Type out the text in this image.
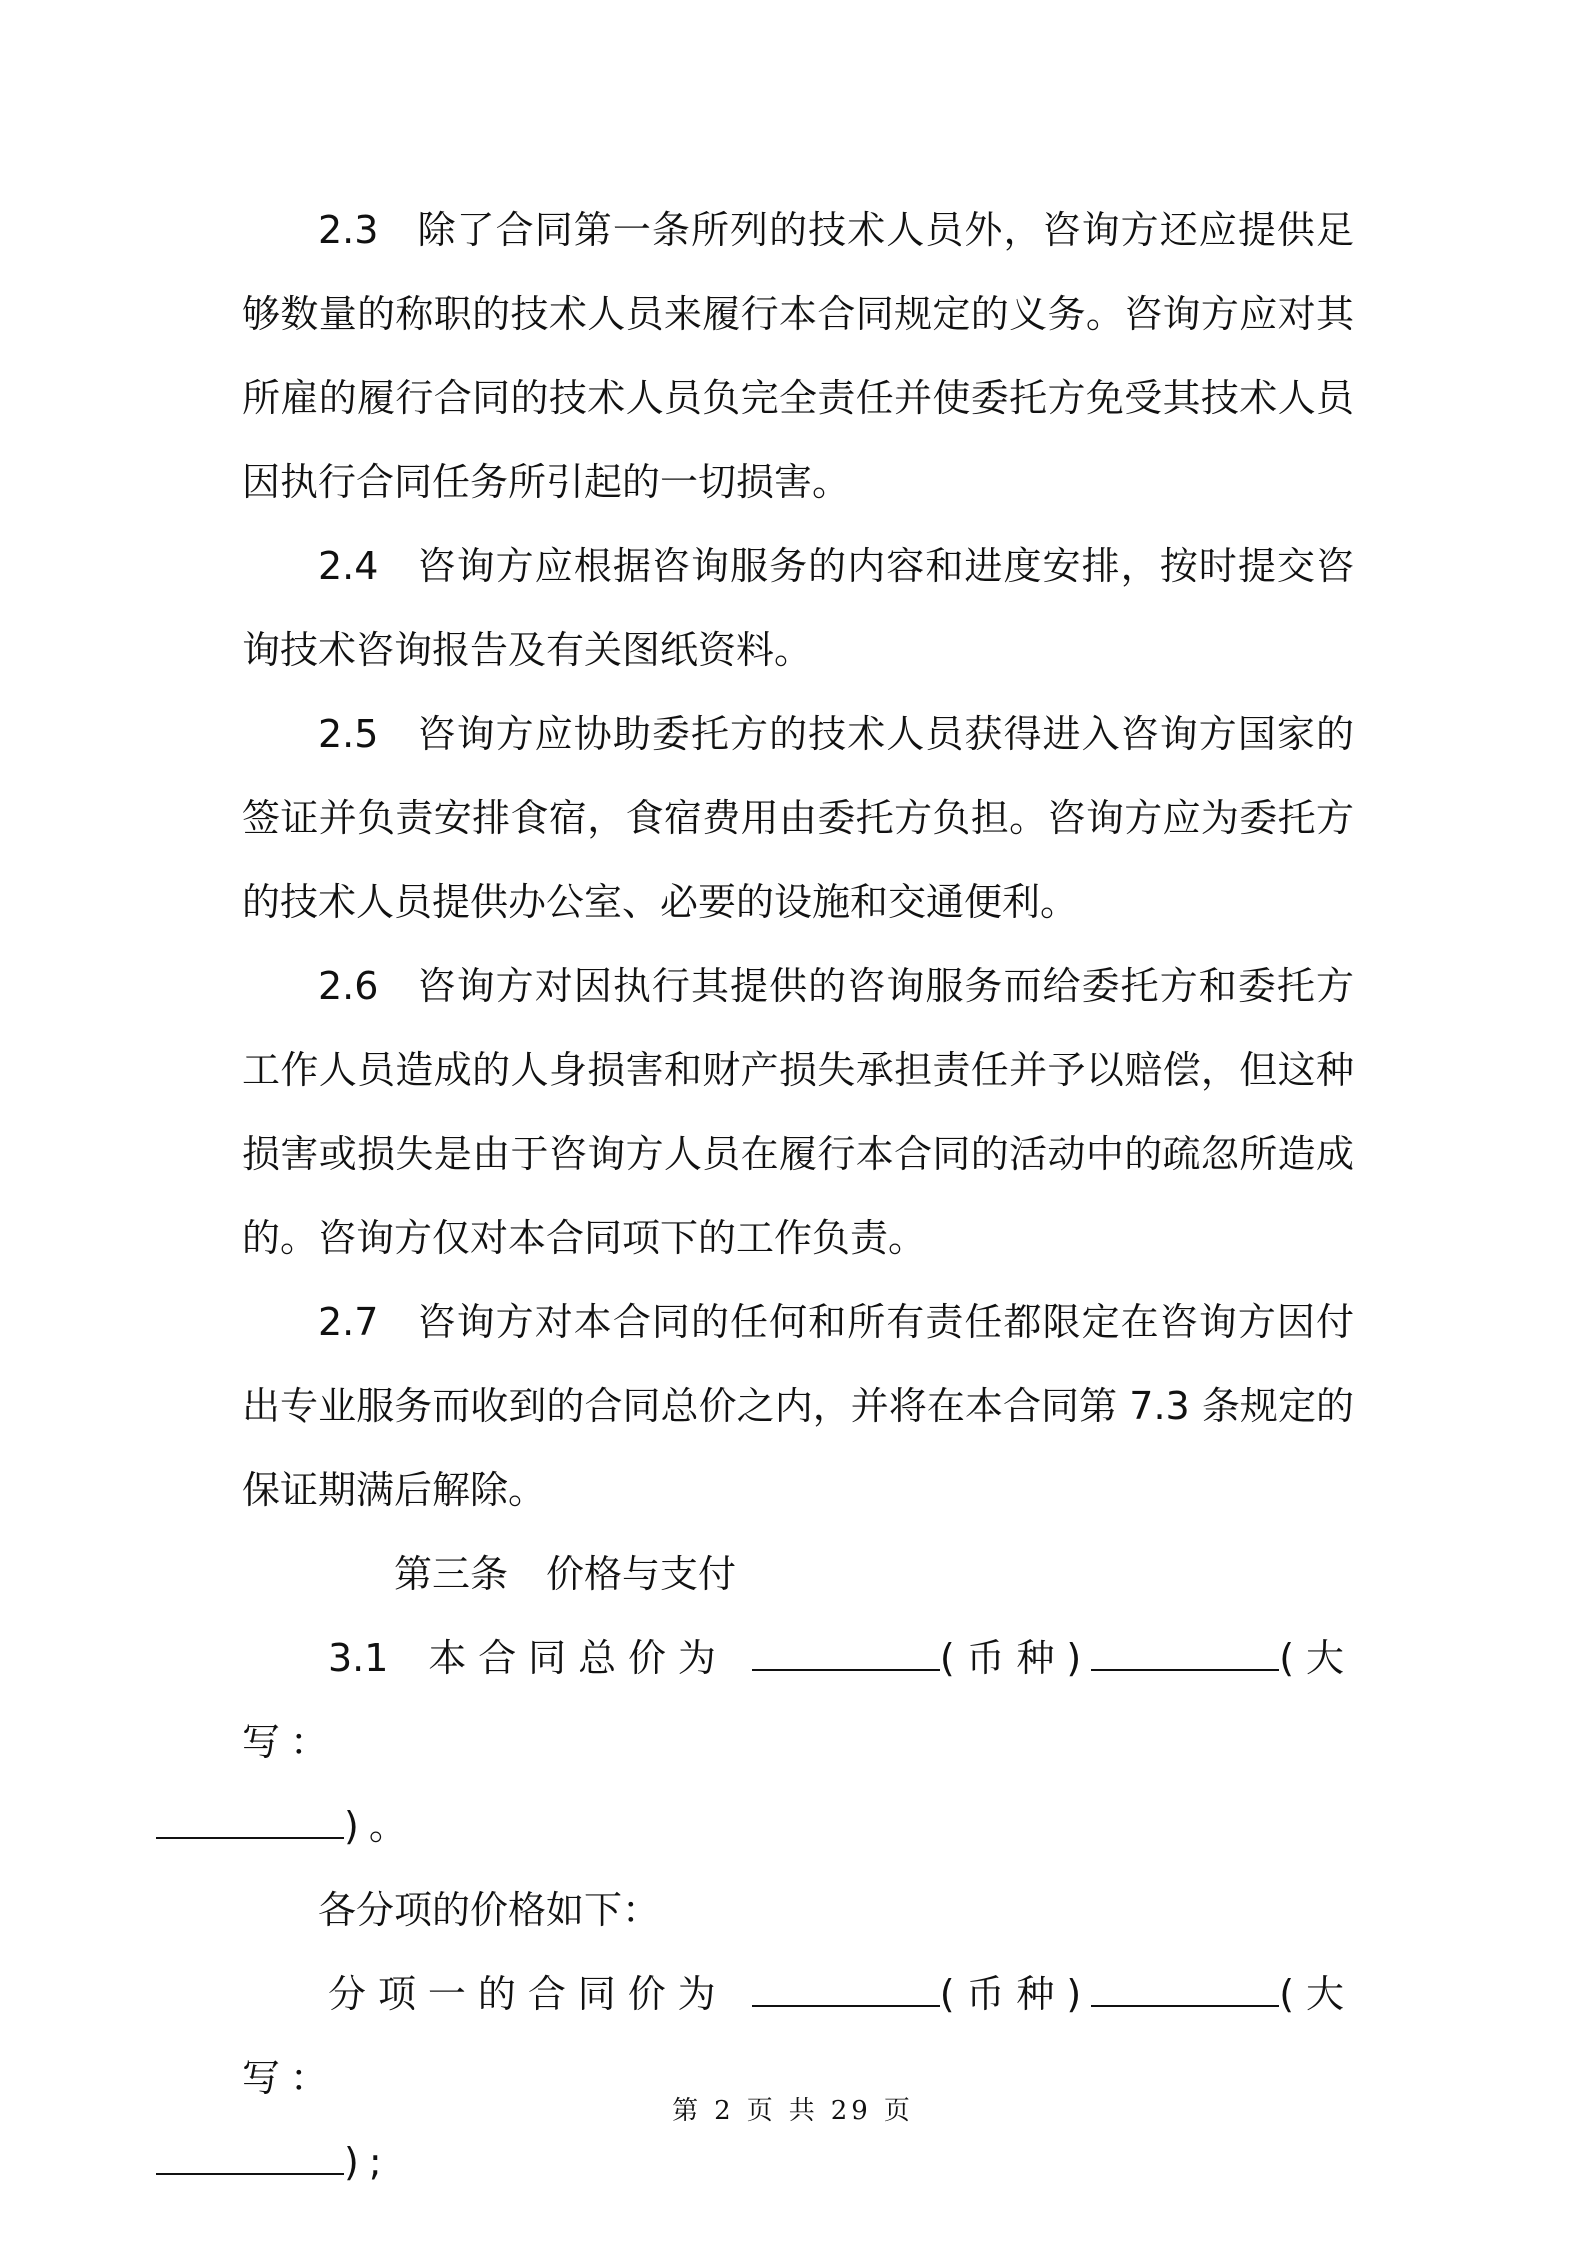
2.3 除了合同第一条所列的技术人员外，咨询方还应提供足够数量的称职的技术人员来履行本合同规定的义务。咨询方应对其所雇的履行合同的技术人员负完全责任并使委托方免受其技术人员因执行合同任务所引起的一切损害。

2.4 咨询方应根据咨询服务的内容和进度安排，按时提交咨询技术咨询报告及有关图纸资料。

2.5 咨询方应协助委托方的技术人员获得进入咨询方国家的签证并负责安排食宿，食宿费用由委托方负担。咨询方应为委托方的技术人员提供办公室、必要的设施和交通便利。

2.6 咨询方对因执行其提供的咨询服务而给委托方和委托方工作人员造成的人身损害和财产损失承担责任并予以赔偿，但这种损害或损失是由于咨询方人员在履行本合同的活动中的疏忽所造成的。咨询方仅对本合同项下的工作负责。

2.7 咨询方对本合同的任何和所有责任都限定在咨询方因付出专业服务而收到的合同总价之内，并将在本合同第 7.3 条规定的保证期满后解除。

第三条 价格与支付

3.1 本合同总价为	(币种)	(大写：
)。

各分项的价格如下：

分项一的合同价为	(币种)	(大写：
);

第 2 页 共 29 页
